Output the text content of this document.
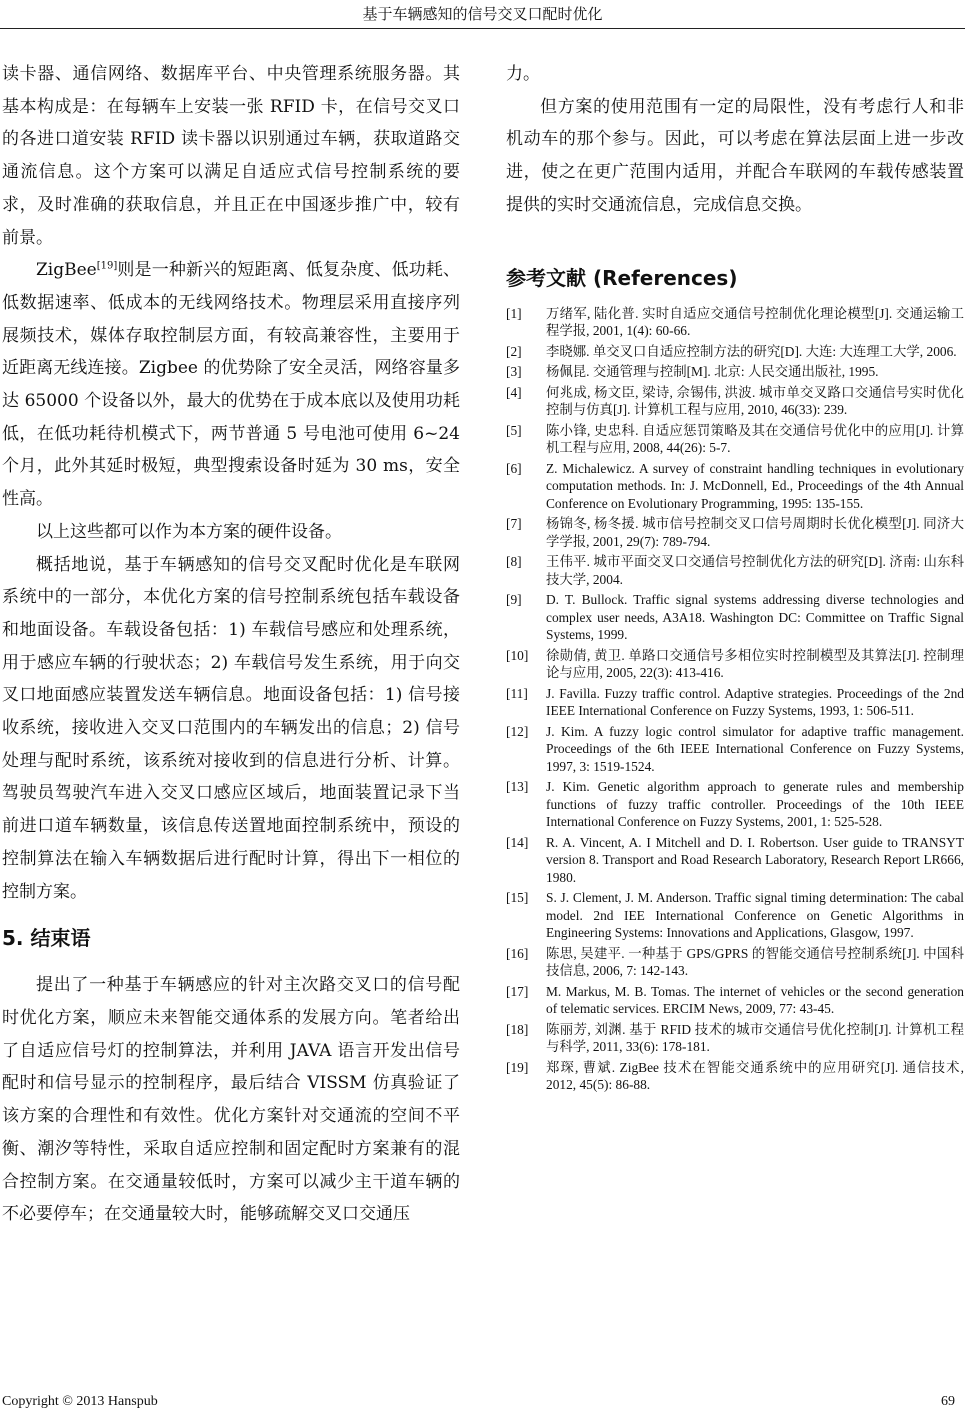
基于车辆感知的信号交叉口配时优化

读卡器、通信网络、数据库平台、中央管理系统服务器。其基本构成是：在每辆车上安装一张 RFID 卡，在信号交叉口的各进口道安装 RFID 读卡器以识别通过车辆，获取道路交通流信息。这个方案可以满足自适应式信号控制系统的要求，及时准确的获取信息，并且正在中国逐步推广中，较有前景。

ZigBee[19]则是一种新兴的短距离、低复杂度、低功耗、低数据速率、低成本的无线网络技术。物理层采用直接序列展频技术，媒体存取控制层方面，有较高兼容性，主要用于近距离无线连接。Zigbee 的优势除了安全灵活，网络容量多达 65000 个设备以外，最大的优势在于成本底以及使用功耗低，在低功耗待机模式下，两节普通 5 号电池可使用 6~24 个月，此外其延时极短，典型搜索设备时延为 30 ms，安全性高。

以上这些都可以作为本方案的硬件设备。

概括地说，基于车辆感知的信号交叉配时优化是车联网系统中的一部分，本优化方案的信号控制系统包括车载设备和地面设备。车载设备包括：1) 车载信号感应和处理系统，用于感应车辆的行驶状态；2) 车载信号发生系统，用于向交叉口地面感应装置发送车辆信息。地面设备包括：1) 信号接收系统，接收进入交叉口范围内的车辆发出的信息；2) 信号处理与配时系统，该系统对接收到的信息进行分析、计算。驾驶员驾驶汽车进入交叉口感应区域后，地面装置记录下当前进口道车辆数量，该信息传送置地面控制系统中，预设的控制算法在输入车辆数据后进行配时计算，得出下一相位的控制方案。

5. 结束语

提出了一种基于车辆感应的针对主次路交叉口的信号配时优化方案，顺应未来智能交通体系的发展方向。笔者给出了自适应信号灯的控制算法，并利用 JAVA 语言开发出信号配时和信号显示的控制程序，最后结合 VISSM 仿真验证了该方案的合理性和有效性。优化方案针对交通流的空间不平衡、潮汐等特性，采取自适应控制和固定配时方案兼有的混合控制方案。在交通量较低时，方案可以减少主干道车辆的不必要停车；在交通量较大时，能够疏解交叉口交通压

力。

但方案的使用范围有一定的局限性，没有考虑行人和非机动车的那个参与。因此，可以考虑在算法层面上进一步改进，使之在更广范围内适用，并配合车联网的车载传感装置提供的实时交通流信息，完成信息交换。

参考文献 (References)
[1] 万绪军, 陆化普. 实时自适应交通信号控制优化理论模型[J]. 交通运输工程学报, 2001, 1(4): 60-66.
[2] 李晓娜. 单交叉口自适应控制方法的研究[D]. 大连: 大连理工大学, 2006.
[3] 杨佩昆. 交通管理与控制[M]. 北京: 人民交通出版社, 1995.
[4] 何兆成, 杨文臣, 梁诗, 佘锡伟, 洪波. 城市单交叉路口交通信号实时优化控制与仿真[J]. 计算机工程与应用, 2010, 46(33): 239.
[5] 陈小锋, 史忠科. 自适应惩罚策略及其在交通信号优化中的应用[J]. 计算机工程与应用, 2008, 44(26): 5-7.
[6] Z. Michalewicz. A survey of constraint handling techniques in evolutionary computation methods. In: J. McDonnell, Ed., Proceedings of the 4th Annual Conference on Evolutionary Programming, 1995: 135-155.
[7] 杨锦冬, 杨冬援. 城市信号控制交叉口信号周期时长优化模型[J]. 同济大学学报, 2001, 29(7): 789-794.
[8] 王伟平. 城市平面交叉口交通信号控制优化方法的研究[D]. 济南: 山东科技大学, 2004.
[9] D. T. Bullock. Traffic signal systems addressing diverse technologies and complex user needs, A3A18. Washington DC: Committee on Traffic Signal Systems, 1999.
[10] 徐勋倩, 黄卫. 单路口交通信号多相位实时控制模型及其算法[J]. 控制理论与应用, 2005, 22(3): 413-416.
[11] J. Favilla. Fuzzy traffic control. Adaptive strategies. Proceedings of the 2nd IEEE International Conference on Fuzzy Systems, 1993, 1: 506-511.
[12] J. Kim. A fuzzy logic control simulator for adaptive traffic management. Proceedings of the 6th IEEE International Conference on Fuzzy Systems, 1997, 3: 1519-1524.
[13] J. Kim. Genetic algorithm approach to generate rules and membership functions of fuzzy traffic controller. Proceedings of the 10th IEEE International Conference on Fuzzy Systems, 2001, 1: 525-528.
[14] R. A. Vincent, A. I Mitchell and D. I. Robertson. User guide to TRANSYT version 8. Transport and Road Research Laboratory, Research Report LR666, 1980.
[15] S. J. Clement, J. M. Anderson. Traffic signal timing determination: The cabal model. 2nd IEE International Conference on Genetic Algorithms in Engineering Systems: Innovations and Applications, Glasgow, 1997.
[16] 陈思, 吴建平. 一种基于 GPS/GPRS 的智能交通信号控制系统[J]. 中国科技信息, 2006, 7: 142-143.
[17] M. Markus, M. B. Tomas. The internet of vehicles or the second generation of telematic services. ERCIM News, 2009, 77: 43-45.
[18] 陈丽芳, 刘渊. 基于 RFID 技术的城市交通信号优化控制[J]. 计算机工程与科学, 2011, 33(6): 178-181.
[19] 郑琛, 曹斌. ZigBee 技术在智能交通系统中的应用研究[J]. 通信技术, 2012, 45(5): 86-88.
Copyright © 2013 Hanspub	69
